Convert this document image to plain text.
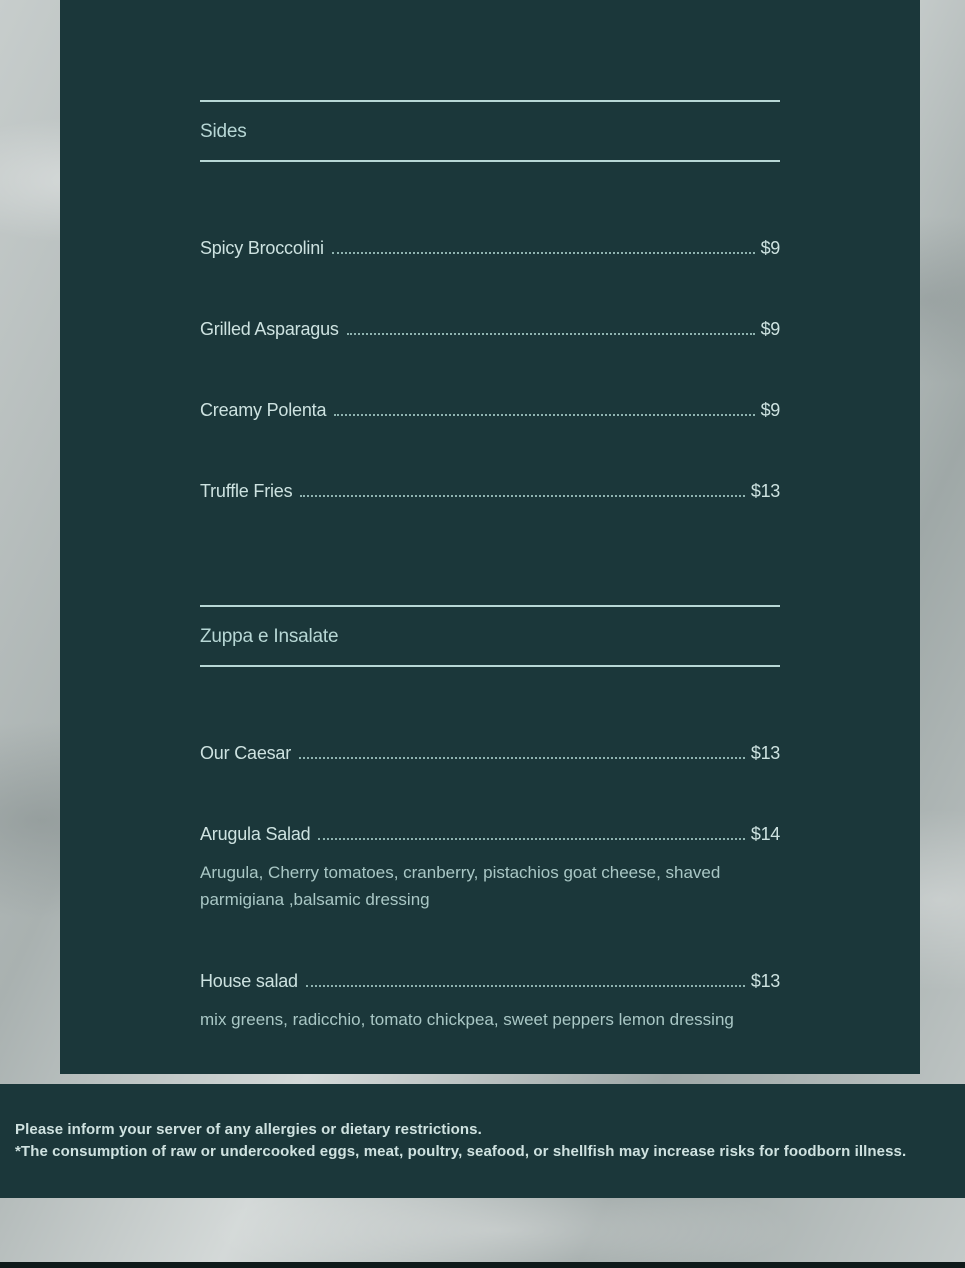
Sides
Spicy Broccolini	$9
Grilled Asparagus	$9
Creamy Polenta	$9
Truffle Fries	$13
Zuppa e Insalate
Our Caesar	$13
Arugula Salad	$14
Arugula, Cherry tomatoes, cranberry, pistachios goat cheese, shaved parmigiana ,balsamic dressing
House salad	$13
mix greens, radicchio, tomato chickpea, sweet peppers lemon dressing
Please inform your server of any allergies or dietary restrictions.
*The consumption of raw or undercooked eggs, meat, poultry, seafood, or shellfish may increase risks for foodborn illness.
